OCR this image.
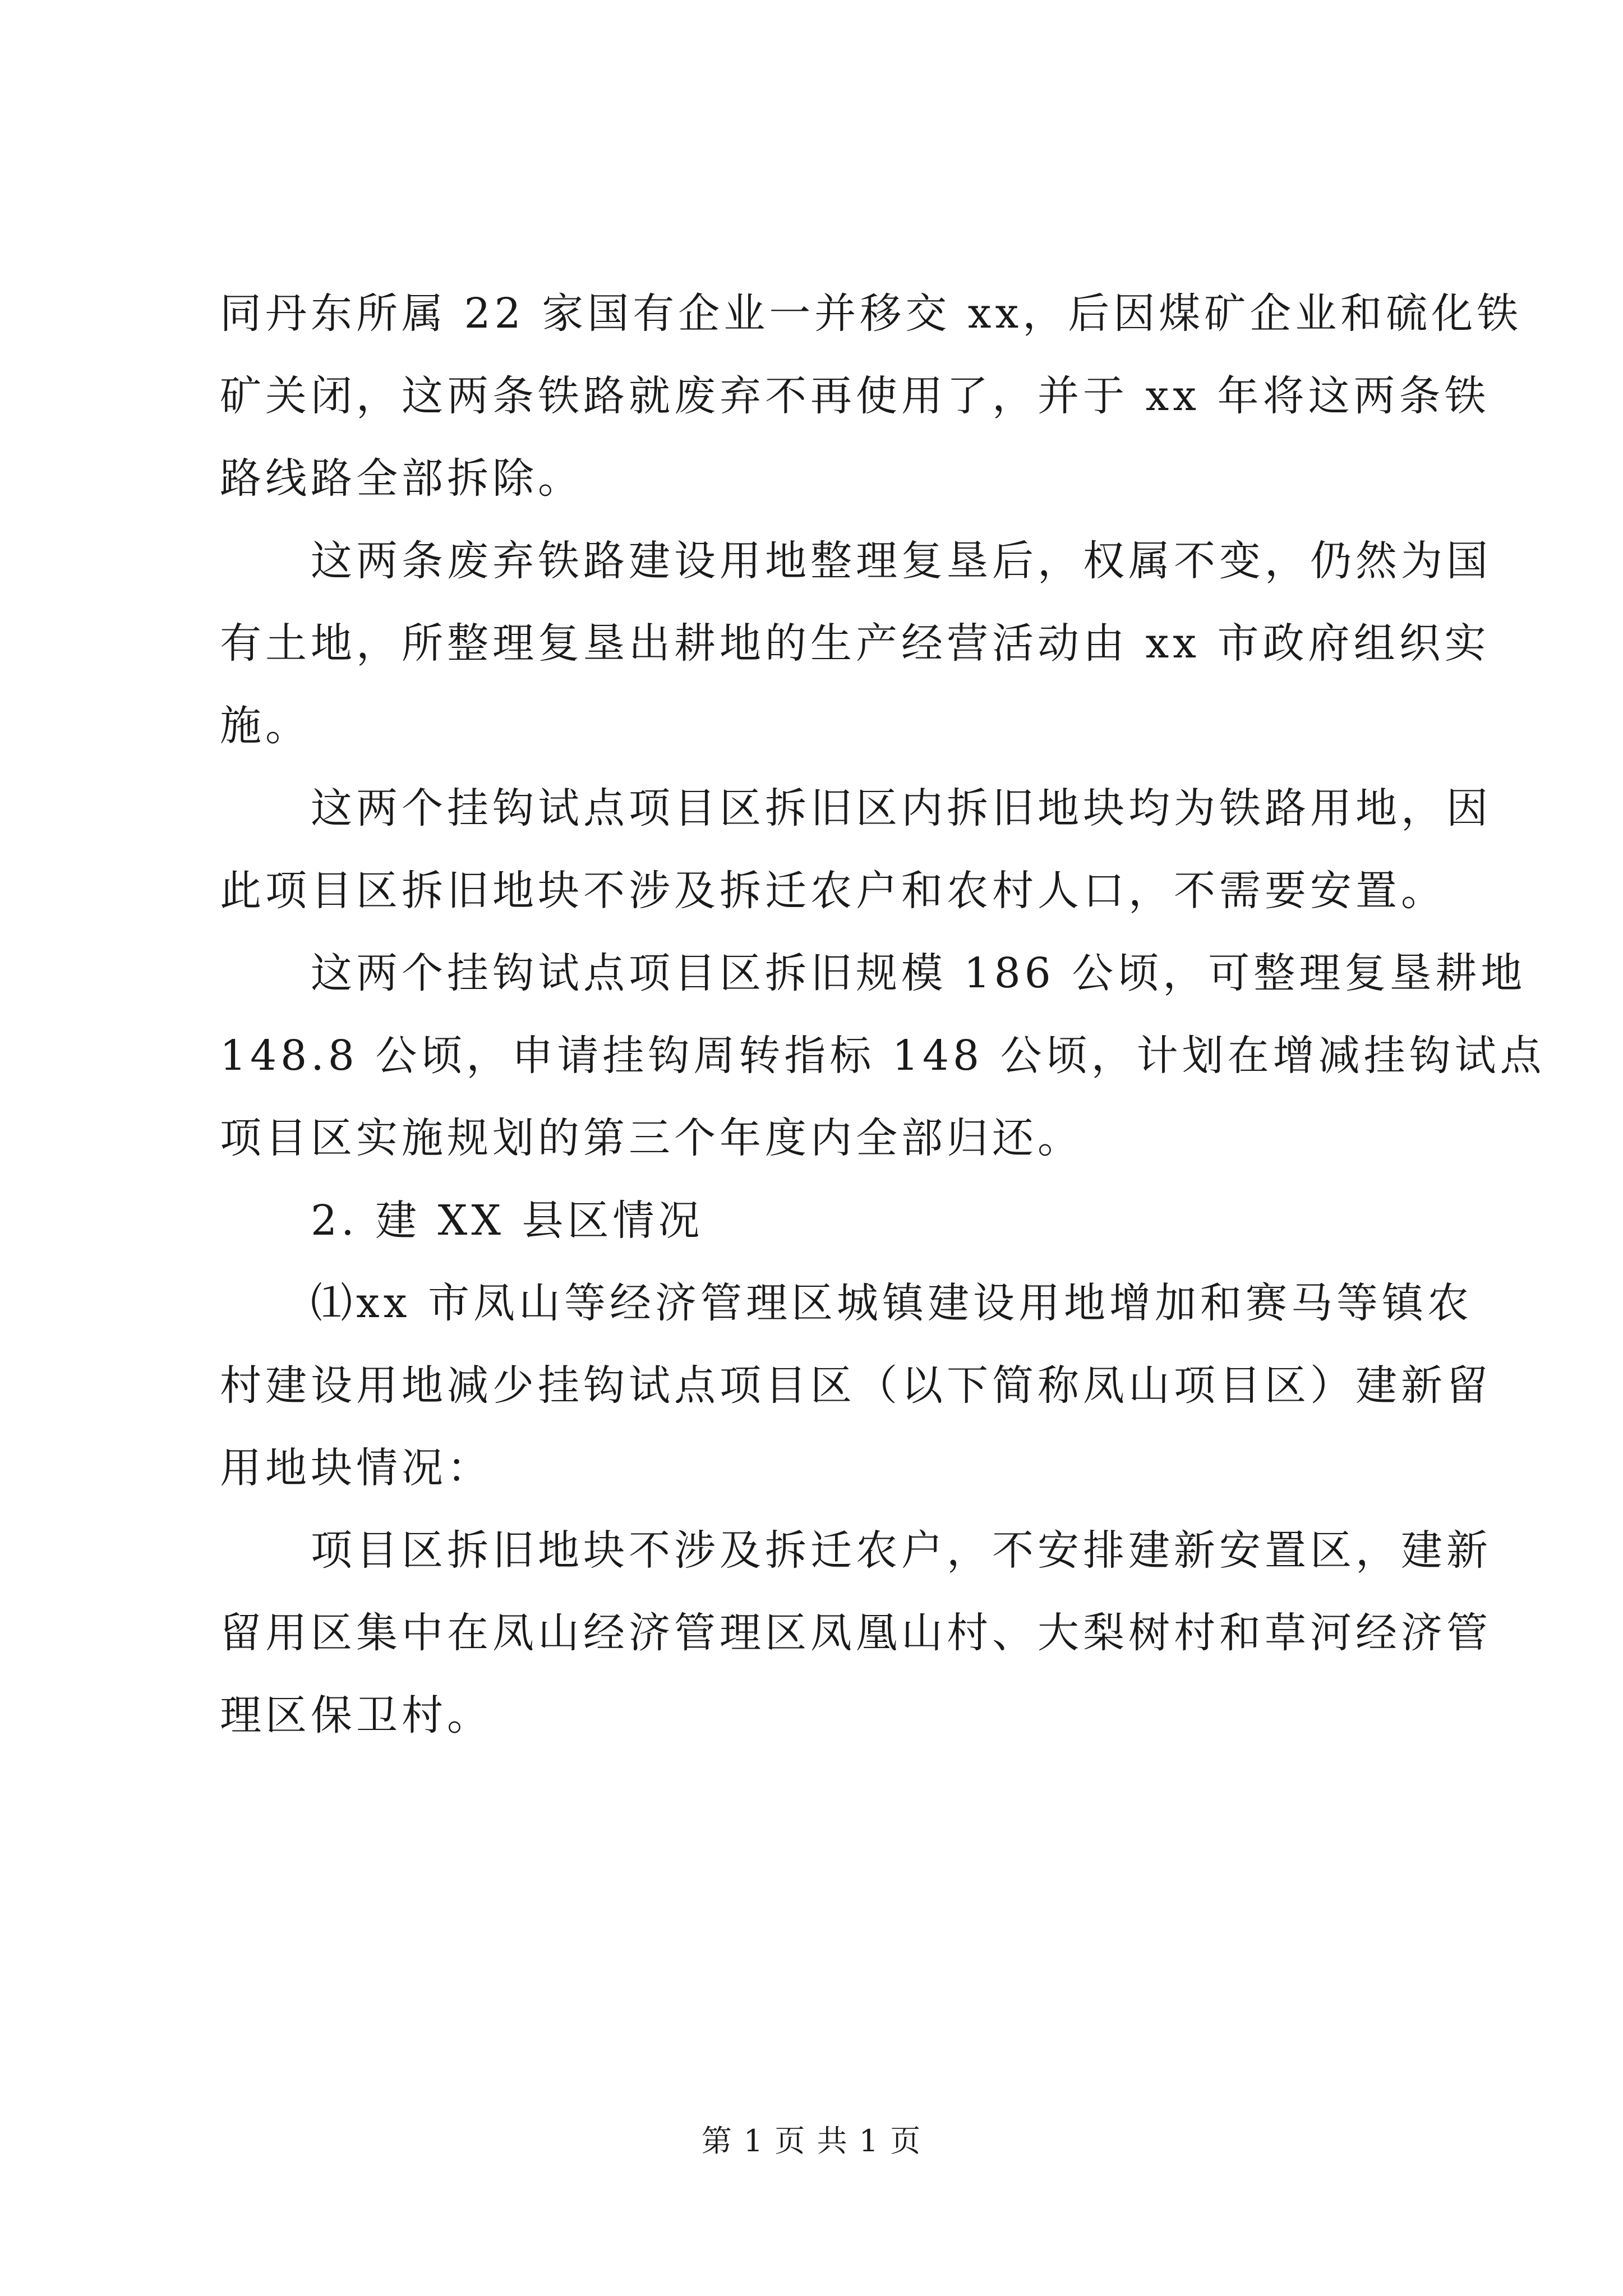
同丹东所属 22 家国有企业一并移交 xx，后因煤矿企业和硫化铁
矿关闭，这两条铁路就废弃不再使用了，并于 xx 年将这两条铁
路线路全部拆除。

这两条废弃铁路建设用地整理复垦后，权属不变，仍然为国
有土地，所整理复垦出耕地的生产经营活动由 xx 市政府组织实
施。

这两个挂钩试点项目区拆旧区内拆旧地块均为铁路用地，因
此项目区拆旧地块不涉及拆迁农户和农村人口，不需要安置。

这两个挂钩试点项目区拆旧规模 186 公顷，可整理复垦耕地
148.8 公顷，申请挂钩周转指标 148 公顷，计划在增减挂钩试点
项目区实施规划的第三个年度内全部归还。

2. 建 XX 县区情况

⑴xx 市凤山等经济管理区城镇建设用地增加和赛马等镇农
村建设用地减少挂钩试点项目区（以下简称凤山项目区）建新留
用地块情况：

项目区拆旧地块不涉及拆迁农户，不安排建新安置区，建新
留用区集中在凤山经济管理区凤凰山村、大梨树村和草河经济管
理区保卫村。

第 1 页 共 1 页
